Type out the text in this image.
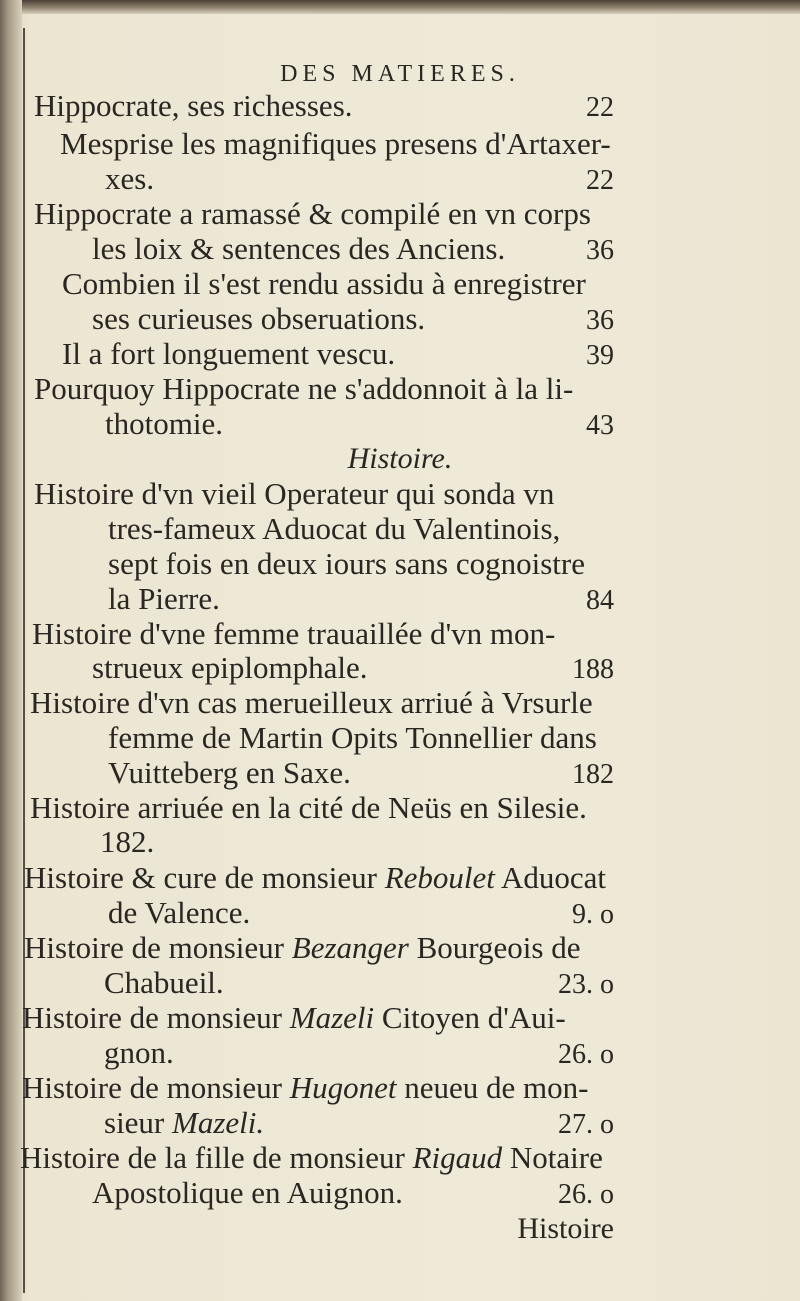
DES MATIERES.
Hippocrate, ses richesses.	22
Mesprise les magnifiques presens d'Artaxer-
xes.	22
Hippocrate a ramassé & compilé en vn corps
les loix & sentences des Anciens.	36
Combien il s'est rendu assidu à enregistrer
ses curieuses obseruations.	36
Il a fort longuement vescu.	39
Pourquoy Hippocrate ne s'addonnoit à la li-
thotomie.	43
Histoire.
Histoire d'vn vieil Operateur qui sonda vn
tres-fameux Aduocat du Valentinois,
sept fois en deux iours sans cognoistre
la Pierre.	84
Histoire d'vne femme trauaillée d'vn mon-
strueux epiplomphale.	188
Histoire d'vn cas merueilleux arriué à Vrsurle
femme de Martin Opits Tonnellier dans
Vuitteberg en Saxe.	182
Histoire arriuée en la cité de Neüs en Silesie.
182.
Histoire & cure de monsieur Reboulet Aduocat
de Valence.	9. o
Histoire de monsieur Bezanger Bourgeois de
Chabueil.	23. o
Histoire de monsieur Mazeli Citoyen d'Aui-
gnon.	26. o
Histoire de monsieur Hugonet neueu de mon-
sieur Mazeli.	27. o
Histoire de la fille de monsieur Rigaud Notaire
Apostolique en Auignon.	26. o
Histoire
